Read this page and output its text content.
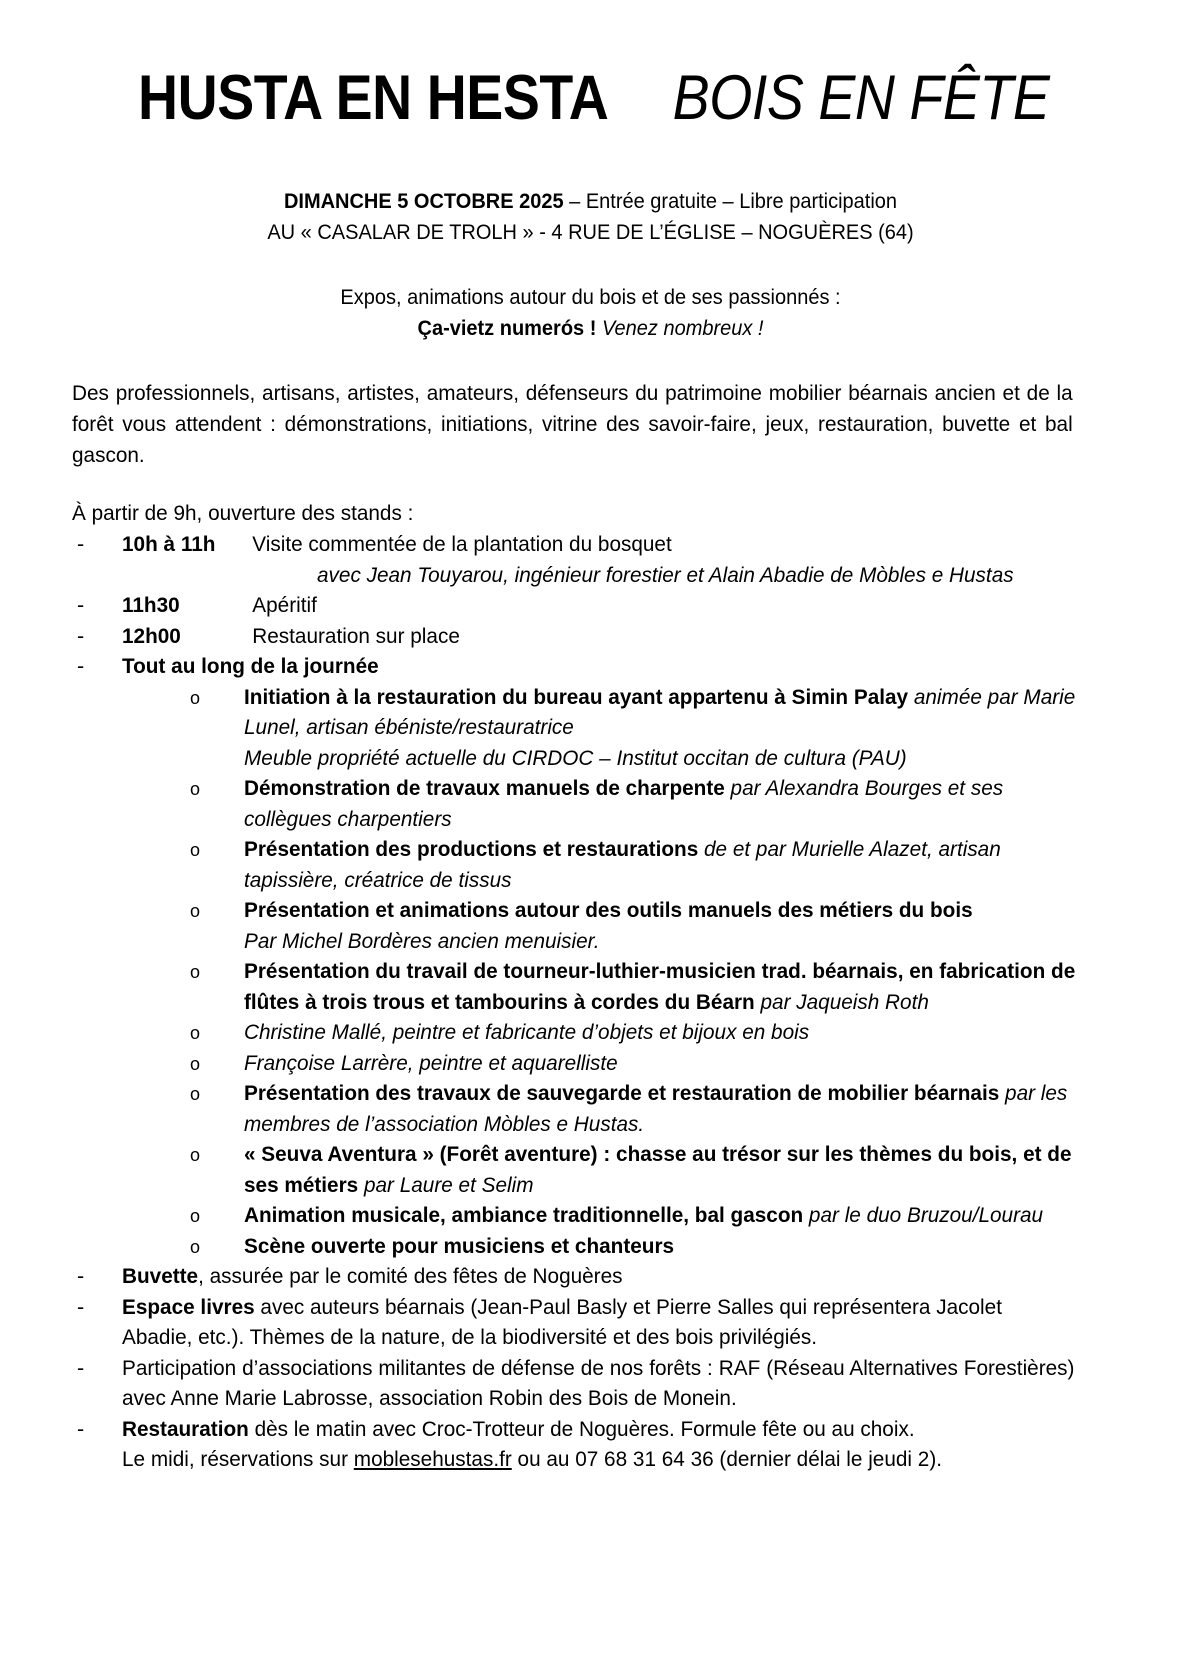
HUSTA EN HESTA BOIS EN FÊTE
DIMANCHE 5 OCTOBRE 2025 – Entrée gratuite – Libre participation
AU « CASALAR DE TROLH » - 4 RUE DE L’ÉGLISE – NOGUÈRES (64)
Expos, animations autour du bois et de ses passionnés :
Ça-vietz numerós ! Venez nombreux !

Des professionnels, artisans, artistes, amateurs, défenseurs du patrimoine mobilier béarnais ancien et de la forêt vous attendent : démonstrations, initiations, vitrine des savoir-faire, jeux, restauration, buvette et bal gascon.

À partir de 9h, ouverture des stands :

-	10h à 11h Visite commentée de la plantation du bosquet
avec Jean Touyarou, ingénieur forestier et Alain Abadie de Mòbles e Hustas
-	11h30	Apéritif
-	12h00	Restauration sur place
-	Tout au long de la journée
o Initiation à la restauration du bureau ayant appartenu à Simin Palay animée par Marie Lunel, artisan ébéniste/restauratrice
Meuble propriété actuelle du CIRDOC – Institut occitan de cultura (PAU)
o Démonstration de travaux manuels de charpente par Alexandra Bourges et ses collègues charpentiers
o Présentation des productions et restaurations de et par Murielle Alazet, artisan tapissière, créatrice de tissus
o Présentation et animations autour des outils manuels des métiers du bois
Par Michel Bordères ancien menuisier.
o Présentation du travail de tourneur-luthier-musicien trad. béarnais, en fabrication de flûtes à trois trous et tambourins à cordes du Béarn par Jaqueish Roth
o Christine Mallé, peintre et fabricante d’objets et bijoux en bois
o Françoise Larrère, peintre et aquarelliste
o Présentation des travaux de sauvegarde et restauration de mobilier béarnais par les membres de l’association Mòbles e Hustas.
o « Seuva Aventura » (Forêt aventure) : chasse au trésor sur les thèmes du bois, et de ses métiers par Laure et Selim
o Animation musicale, ambiance traditionnelle, bal gascon par le duo Bruzou/Lourau
o Scène ouverte pour musiciens et chanteurs
-	Buvette, assurée par le comité des fêtes de Noguères
-	Espace livres avec auteurs béarnais (Jean-Paul Basly et Pierre Salles qui représentera Jacolet Abadie, etc.). Thèmes de la nature, de la biodiversité et des bois privilégiés.
-	Participation d’associations militantes de défense de nos forêts : RAF (Réseau Alternatives Forestières) avec Anne Marie Labrosse, association Robin des Bois de Monein.
-	Restauration dès le matin avec Croc-Trotteur de Noguères. Formule fête ou au choix.
Le midi, réservations sur moblesehustas.fr ou au 07 68 31 64 36 (dernier délai le jeudi 2).
